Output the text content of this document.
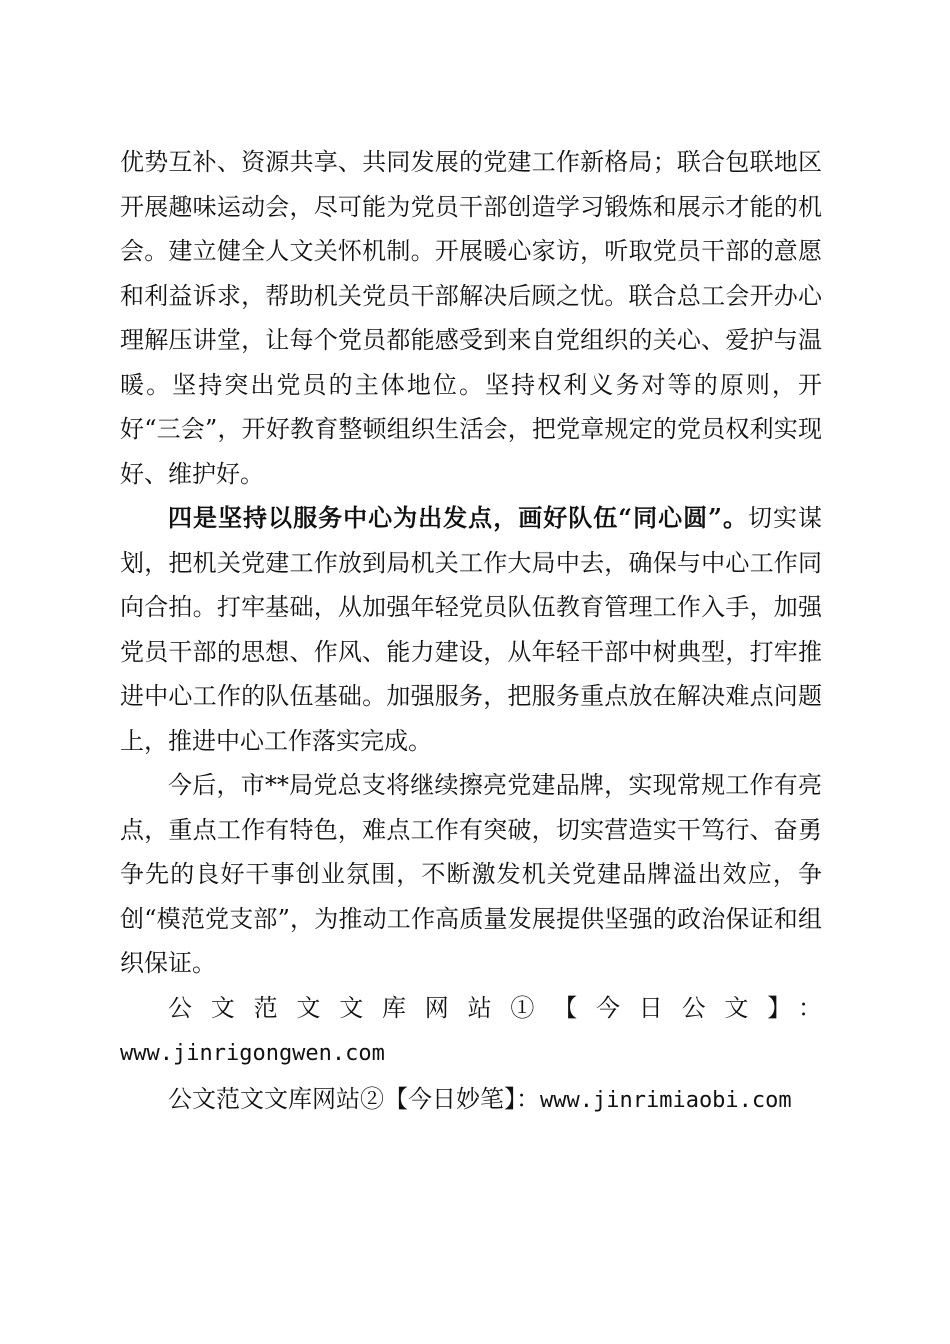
优势互补、资源共享、共同发展的党建工作新格局；联合包联地区开展趣味运动会，尽可能为党员干部创造学习锻炼和展示才能的机会。建立健全人文关怀机制。开展暖心家访，听取党员干部的意愿和利益诉求，帮助机关党员干部解决后顾之忧。联合总工会开办心理解压讲堂，让每个党员都能感受到来自党组织的关心、爱护与温暖。坚持突出党员的主体地位。坚持权利义务对等的原则，开好“三会”，开好教育整顿组织生活会，把党章规定的党员权利实现好、维护好。

四是坚持以服务中心为出发点，画好队伍“同心圆”。切实谋划，把机关党建工作放到局机关工作大局中去，确保与中心工作同向合拍。打牢基础，从加强年轻党员队伍教育管理工作入手，加强党员干部的思想、作风、能力建设，从年轻干部中树典型，打牢推进中心工作的队伍基础。加强服务，把服务重点放在解决难点问题上，推进中心工作落实完成。

今后，市**局党总支将继续擦亮党建品牌，实现常规工作有亮点，重点工作有特色，难点工作有突破，切实营造实干笃行、奋勇争先的良好干事创业氛围，不断激发机关党建品牌溢出效应，争创“模范党支部”，为推动工作高质量发展提供坚强的政治保证和组织保证。

公文范文文库网站①【今日公文】：

www.jinrigongwen.com

公文范文文库网站②【今日妙笔】：www.jinrimiaobi.com
